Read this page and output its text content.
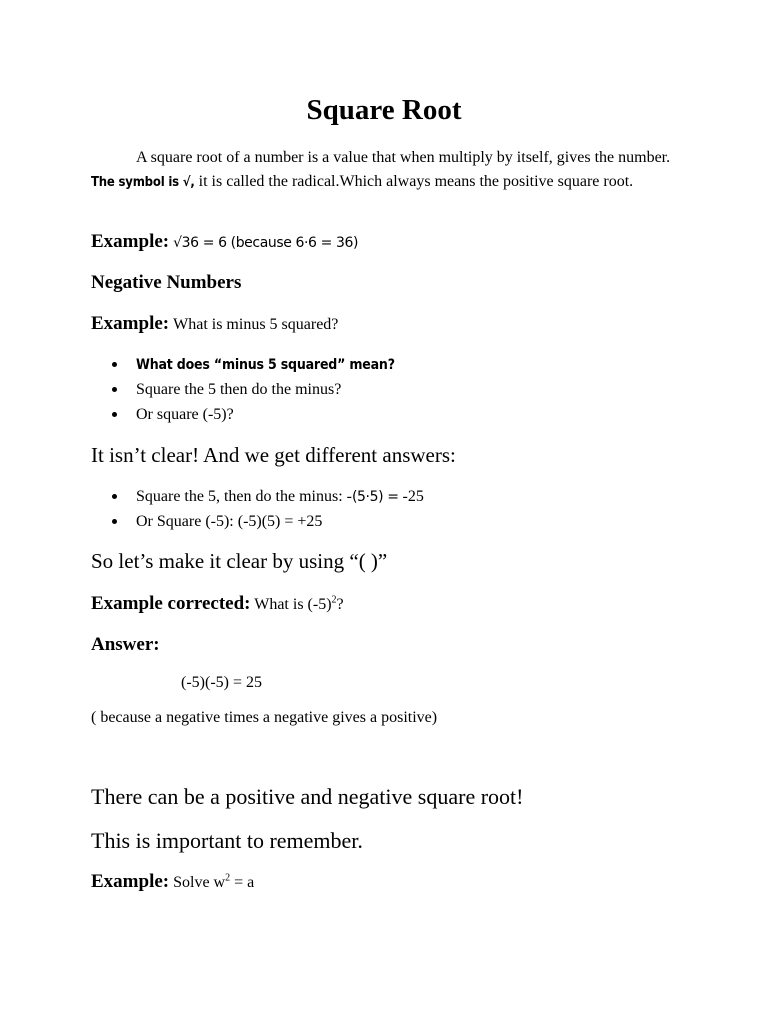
Square Root

A square root of a number is a value that when multiply by itself, gives the number. The symbol is √, it is called the radical.Which always means the positive square root.

Example: √36 = 6 (because 6·6 = 36)

Negative Numbers

Example: What is minus 5 squared?

What does “minus 5 squared” mean?
Square the 5 then do the minus?
Or square (-5)?

It isn’t clear! And we get different answers:

Square the 5, then do the minus: -(5·5) = -25
Or Square (-5): (-5)(5) = +25

So let’s make it clear by using “( )”

Example corrected: What is $(-5)^2$?

Answer:

(-5)(-5) = 25

( because a negative times a negative gives a positive)

There can be a positive and negative square root!

This is important to remember.

Example: Solve $w^2 = a$
